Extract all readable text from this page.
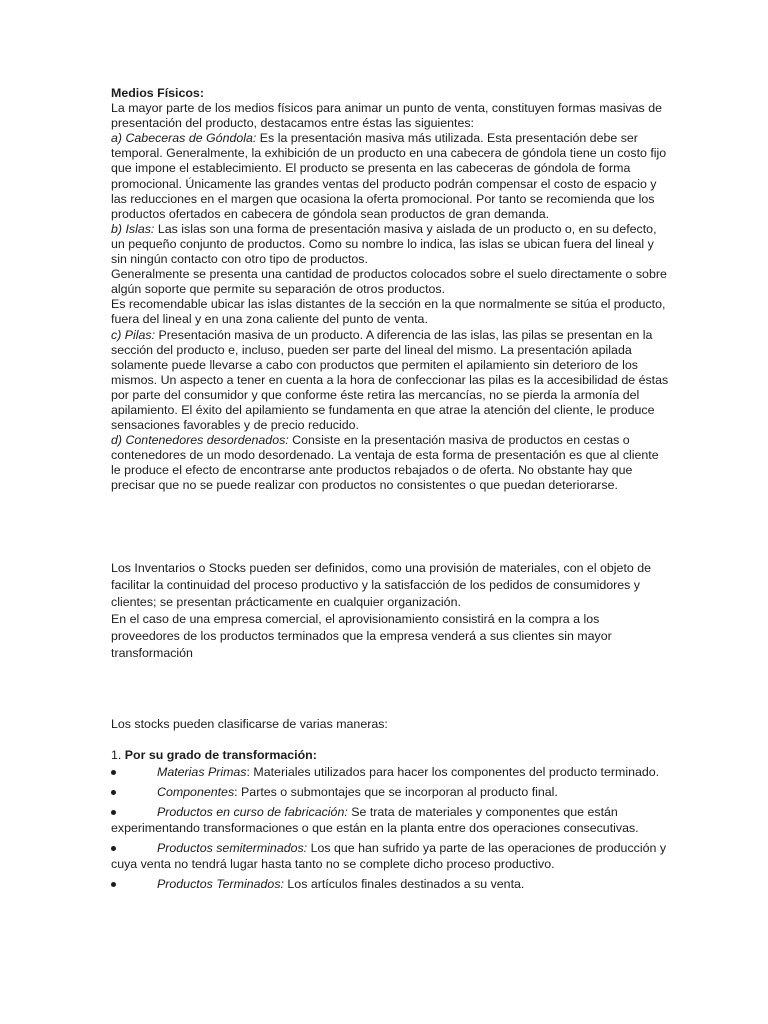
Medios Físicos:

La mayor parte de los medios físicos para animar un punto de venta, constituyen formas masivas de presentación del producto, destacamos entre éstas las siguientes:

a) Cabeceras de Góndola: Es la presentación masiva más utilizada. Esta presentación debe ser temporal. Generalmente, la exhibición de un producto en una cabecera de góndola tiene un costo fijo que impone el establecimiento. El producto se presenta en las cabeceras de góndola de forma promocional. Únicamente las grandes ventas del producto podrán compensar el costo de espacio y las reducciones en el margen que ocasiona la oferta promocional. Por tanto se recomienda que los productos ofertados en cabecera de góndola sean productos de gran demanda.

b) Islas: Las islas son una forma de presentación masiva y aislada de un producto o, en su defecto, un pequeño conjunto de productos. Como su nombre lo indica, las islas se ubican fuera del lineal y sin ningún contacto con otro tipo de productos.

Generalmente se presenta una cantidad de productos colocados sobre el suelo directamente o sobre algún soporte que permite su separación de otros productos.

Es recomendable ubicar las islas distantes de la sección en la que normalmente se sitúa el producto, fuera del lineal y en una zona caliente del punto de venta.

c) Pilas: Presentación masiva de un producto. A diferencia de las islas, las pilas se presentan en la sección del producto e, incluso, pueden ser parte del lineal del mismo. La presentación apilada solamente puede llevarse a cabo con productos que permiten el apilamiento sin deterioro de los mismos. Un aspecto a tener en cuenta a la hora de confeccionar las pilas es la accesibilidad de éstas por parte del consumidor y que conforme éste retira las mercancías, no se pierda la armonía del apilamiento. El éxito del apilamiento se fundamenta en que atrae la atención del cliente, le produce sensaciones favorables y de precio reducido.

d) Contenedores desordenados: Consiste en la presentación masiva de productos en cestas o contenedores de un modo desordenado. La ventaja de esta forma de presentación es que al cliente le produce el efecto de encontrarse ante productos rebajados o de oferta. No obstante hay que precisar que no se puede realizar con productos no consistentes o que puedan deteriorarse.

Los Inventarios o Stocks pueden ser definidos, como una provisión de materiales, con el objeto de facilitar la continuidad del proceso productivo y la satisfacción de los pedidos de consumidores y clientes; se presentan prácticamente en cualquier organización.

En el caso de una empresa comercial, el aprovisionamiento consistirá en la compra a los proveedores de los productos terminados que la empresa venderá a sus clientes sin mayor transformación

Los stocks pueden clasificarse de varias maneras:

1. Por su grado de transformación:

Materias Primas: Materiales utilizados para hacer los componentes del producto terminado.
Componentes: Partes o submontajes que se incorporan al producto final.
Productos en curso de fabricación: Se trata de materiales y componentes que están experimentando transformaciones o que están en la planta entre dos operaciones consecutivas.
Productos semiterminados: Los que han sufrido ya parte de las operaciones de producción y cuya venta no tendrá lugar hasta tanto no se complete dicho proceso productivo.
Productos Terminados: Los artículos finales destinados a su venta.
